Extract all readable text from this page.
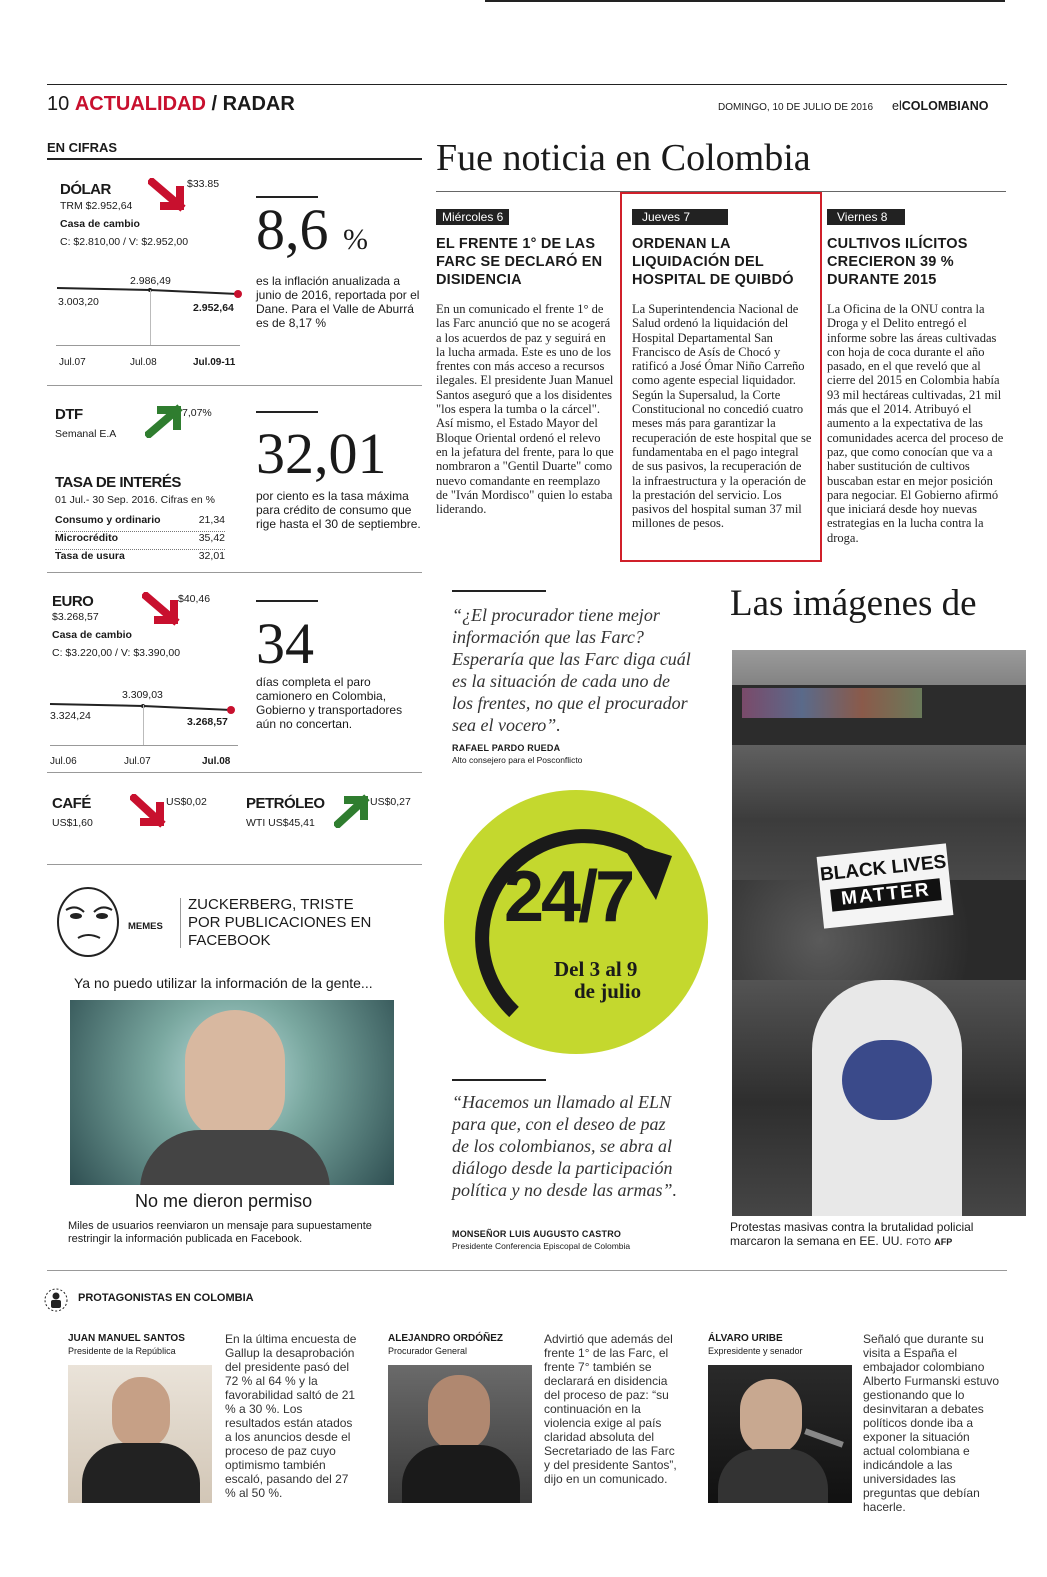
10 ACTUALIDAD / RADAR	DOMINGO, 10 DE JULIO DE 2016 elCOLOMBIANO
EN CIFRAS
DÓLAR
TRM $2.952,64
Casa de cambio
C: $2.810,00 / V: $2.952,00
$33.85
2.986,49
3.003,20	2.952,64
Jul.07	Jul.08	Jul.09-11
8,6 %
es la inflación anualizada a junio de 2016, reportada por el Dane. Para el Valle de Aburrá es de 8,17 %
DTF
Semanal E.A
7,07%
32,01
por ciento es la tasa máxima para crédito de consumo que rige hasta el 30 de septiembre.
TASA DE INTERÉS
01 Jul.- 30 Sep. 2016. Cifras en %
Consumo y ordinario	21,34
Microcrédito	35,42
Tasa de usura	32,01
EURO
$3.268,57
Casa de cambio
C: $3.220,00 / V: $3.390,00
$40,46
3.309,03
3.324,24	3.268,57
Jul.06	Jul.07	Jul.08
34
días completa el paro camionero en Colombia, Gobierno y transportadores aún no concertan.
CAFÉ
US$1,60
US$0,02	PETRÓLEO
WTI US$45,41
US$0,27
Fue noticia en Colombia
Miércoles 6
EL FRENTE 1° DE LAS FARC SE DECLARÓ EN DISIDENCIA
En un comunicado el frente 1° de las Farc anunció que no se acogerá a los acuerdos de paz y seguirá en la lucha armada. Este es uno de los frentes con más acceso a recursos ilegales. El presidente Juan Manuel Santos aseguró que a los disidentes "los espera la tumba o la cárcel". Así mismo, el Estado Mayor del Bloque Oriental ordenó el relevo en la jefatura del frente, para lo que nombraron a "Gentil Duarte" como nuevo comandante en reemplazo de "Iván Mordisco" quien lo estaba liderando.
Jueves 7
ORDENAN LA LIQUIDACIÓN DEL HOSPITAL DE QUIBDÓ
La Superintendencia Nacional de Salud ordenó la liquidación del Hospital Departamental San Francisco de Asís de Chocó y ratificó a José Ómar Niño Carreño como agente especial liquidador. Según la Supersalud, la Corte Constitucional no concedió cuatro meses más para garantizar la recuperación de este hospital que se fundamentaba en el pago integral de sus pasivos, la recuperación de la infraestructura y la operación de la prestación del servicio. Los pasivos del hospital suman 37 mil millones de pesos.
Viernes 8
CULTIVOS ILÍCITOS CRECIERON 39 % DURANTE 2015
La Oficina de la ONU contra la Droga y el Delito entregó el informe sobre las áreas cultivadas con hoja de coca durante el año pasado, en el que reveló que al cierre del 2015 en Colombia había 93 mil hectáreas cultivadas, 21 mil más que el 2014. Atribuyó el aumento a la expectativa de las comunidades acerca del proceso de paz, que como conocían que va a haber sustitución de cultivos buscaban estar en mejor posición para negociar. El Gobierno afirmó que iniciará desde hoy nuevas estrategias en la lucha contra la droga.
“¿El procurador tiene mejor información que las Farc? Esperaría que las Farc diga cuál es la situación de cada uno de los frentes, no que el procurador sea el vocero”.
RAFAEL PARDO RUEDA
Alto consejero para el Posconflicto
24/7
Del 3 al 9
de julio
“Hacemos un llamado al ELN para que, con el deseo de paz de los colombianos, se abra al diálogo desde la participación política y no desde las armas”.
MONSEÑOR LUIS AUGUSTO CASTRO
Presidente Conferencia Episcopal de Colombia
Las imágenes de
BLACK LIVES
MATTER
Protestas masivas contra la brutalidad policial marcaron la semana en EE. UU. FOTO AFP
MEMES
ZUCKERBERG, TRISTE POR PUBLICACIONES EN FACEBOOK
Ya no puedo utilizar la información de la gente...
No me dieron permiso
Miles de usuarios reenviaron un mensaje para supuestamente restringir la información publicada en Facebook.
PROTAGONISTAS EN COLOMBIA
JUAN MANUEL SANTOS
Presidente de la República
En la última encuesta de Gallup la desaprobación del presidente pasó del 72 % al 64 % y la favorabilidad saltó de 21 % a 30 %. Los resultados están atados a los anuncios desde el proceso de paz cuyo optimismo también escaló, pasando del 27 % al 50 %.
ALEJANDRO ORDÓÑEZ
Procurador General
Advirtió que además del frente 1° de las Farc, el frente 7° también se declarará en disidencia del proceso de paz: “su continuación en la violencia exige al país claridad absoluta del Secretariado de las Farc y del presidente Santos”, dijo en un comunicado.
ÁLVARO URIBE
Expresidente y senador
Señaló que durante su visita a España el embajador colombiano Alberto Furmanski estuvo gestionando que lo desinvitaran a debates políticos donde iba a exponer la situación actual colombiana e indicándole a las universidades las preguntas que debían hacerle.
